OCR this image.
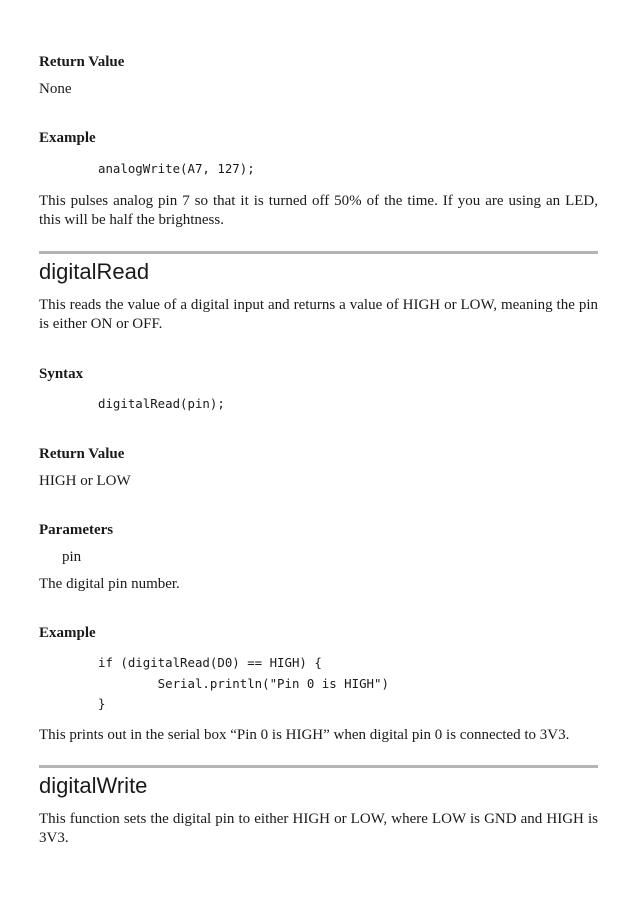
Return Value
None
Example
analogWrite(A7, 127);
This pulses analog pin 7 so that it is turned off 50% of the time. If you are using an LED, this will be half the brightness.
digitalRead
This reads the value of a digital input and returns a value of HIGH or LOW, meaning the pin is either ON or OFF.
Syntax
digitalRead(pin);
Return Value
HIGH or LOW
Parameters
pin
The digital pin number.
Example
if (digitalRead(D0) == HIGH) {
Serial.println("Pin 0 is HIGH")
}
This prints out in the serial box “Pin 0 is HIGH” when digital pin 0 is connected to 3V3.
digitalWrite
This function sets the digital pin to either HIGH or LOW, where LOW is GND and HIGH is 3V3.
